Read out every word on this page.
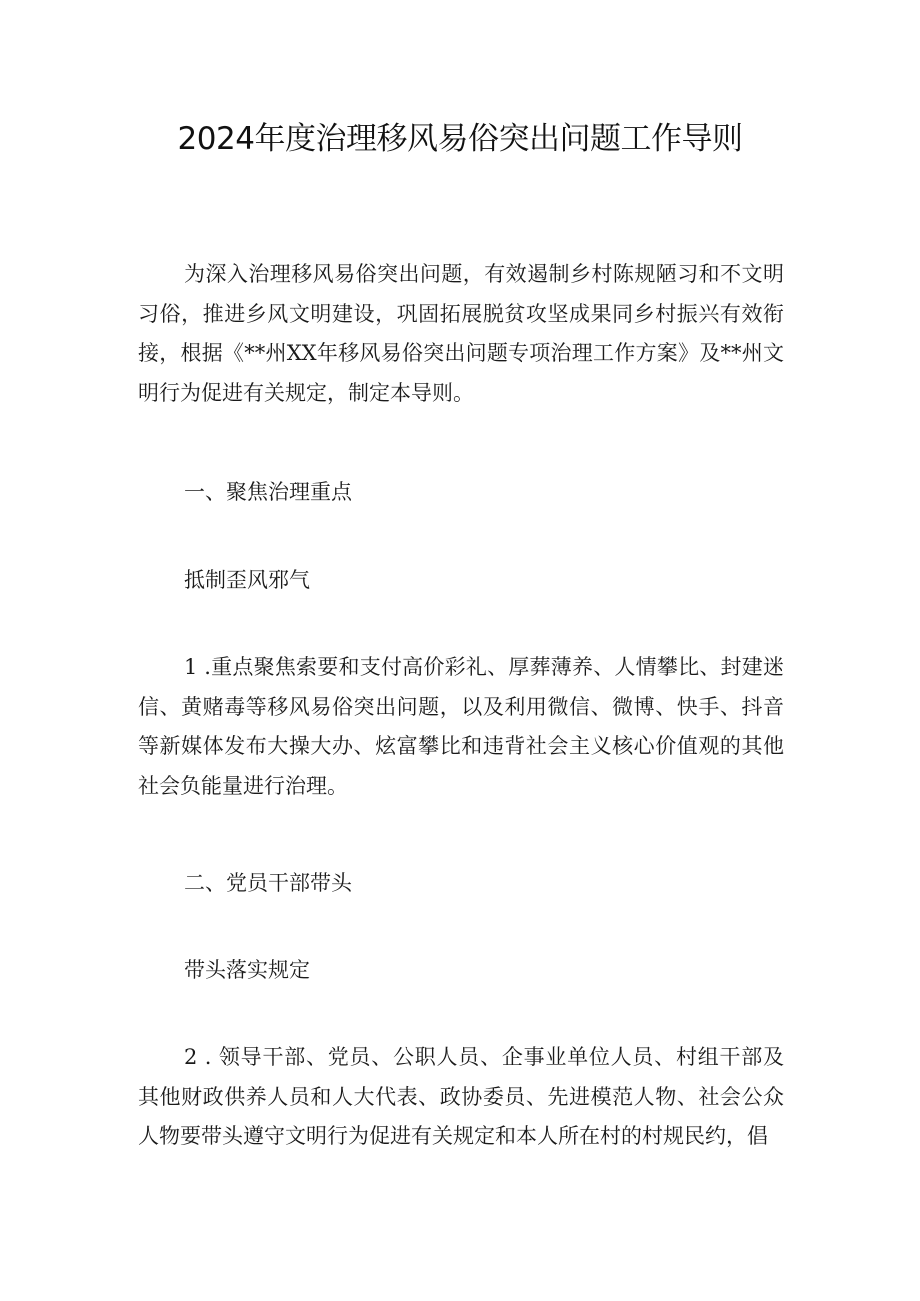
2024年度治理移风易俗突出问题工作导则

为深入治理移风易俗突出问题，有效遏制乡村陈规陋习和不文明习俗，推进乡风文明建设，巩固拓展脱贫攻坚成果同乡村振兴有效衔接，根据《**州XX年移风易俗突出问题专项治理工作方案》及**州文明行为促进有关规定，制定本导则。

一、聚焦治理重点
抵制歪风邪气

1 .重点聚焦索要和支付高价彩礼、厚葬薄养、人情攀比、封建迷信、黄赌毒等移风易俗突出问题，以及利用微信、微博、快手、抖音等新媒体发布大操大办、炫富攀比和违背社会主义核心价值观的其他社会负能量进行治理。

二、党员干部带头
带头落实规定

2 . 领导干部、党员、公职人员、企事业单位人员、村组干部及其他财政供养人员和人大代表、政协委员、先进模范人物、社会公众人物要带头遵守文明行为促进有关规定和本人所在村的村规民约，倡
